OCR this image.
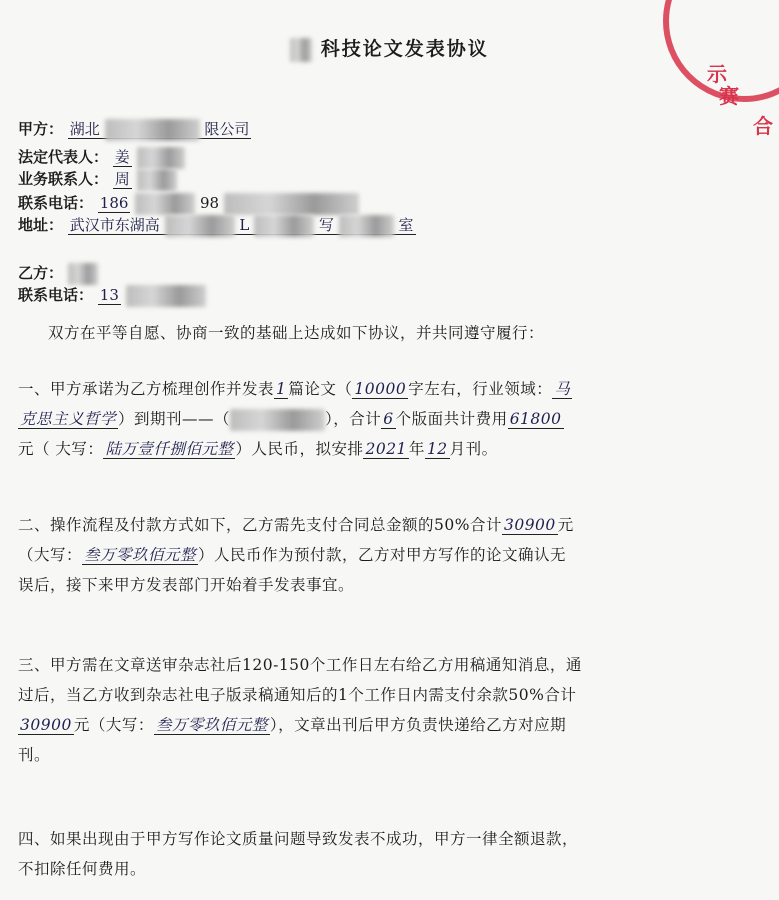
合
赛
示
科技论文发表协议
甲方： 湖北	限公司
法定代表人： 姜
业务联系人： 周
联系电话： 186	98
地址： 武汉市东湖高	L	写	室
乙方：
联系电话： 13
双方在平等自愿、协商一致的基础上达成如下协议，并共同遵守履行：
一、甲方承诺为乙方梳理创作并发表 1 篇论文（ 10000 字左右，行业领域： 马
克思主义哲学 ）到期刊——（	），合计 6 个版面共计费用 61800
元（ 大写： 陆万壹仟捌佰元整 ）人民币，拟安排 2021 年 12 月刊。
二、操作流程及付款方式如下，乙方需先支付合同总金额的50%合计 30900 元
（大写： 叁万零玖佰元整 ）人民币作为预付款，乙方对甲方写作的论文确认无
误后，接下来甲方发表部门开始着手发表事宜。
三、甲方需在文章送审杂志社后120-150个工作日左右给乙方用稿通知消息，通
过后，当乙方收到杂志社电子版录稿通知后的1个工作日内需支付余款50%合计
30900 元（大写： 叁万零玖佰元整 ），文章出刊后甲方负责快递给乙方对应期
刊。
四、如果出现由于甲方写作论文质量问题导致发表不成功，甲方一律全额退款，
不扣除任何费用。
